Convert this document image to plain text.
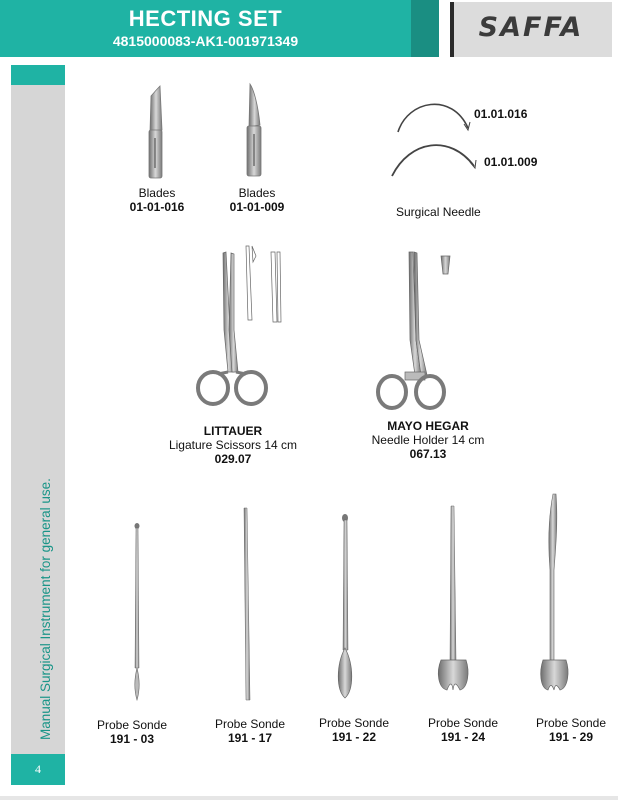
HECTING SET
4815000083-AK1-001971349	SAFFA
4
Manual Surgical Instrument for general use.
Blades
01-01-016
Blades
01-01-009
01.01.016
01.01.009
Surgical Needle
LITTAUER
Ligature Scissors 14 cm
029.07
MAYO HEGAR
Needle Holder 14 cm
067.13
Probe Sonde
191 - 03
Probe Sonde
191 - 17
Probe Sonde
191 - 22
Probe Sonde
191 - 24
Probe Sonde
191 - 29
